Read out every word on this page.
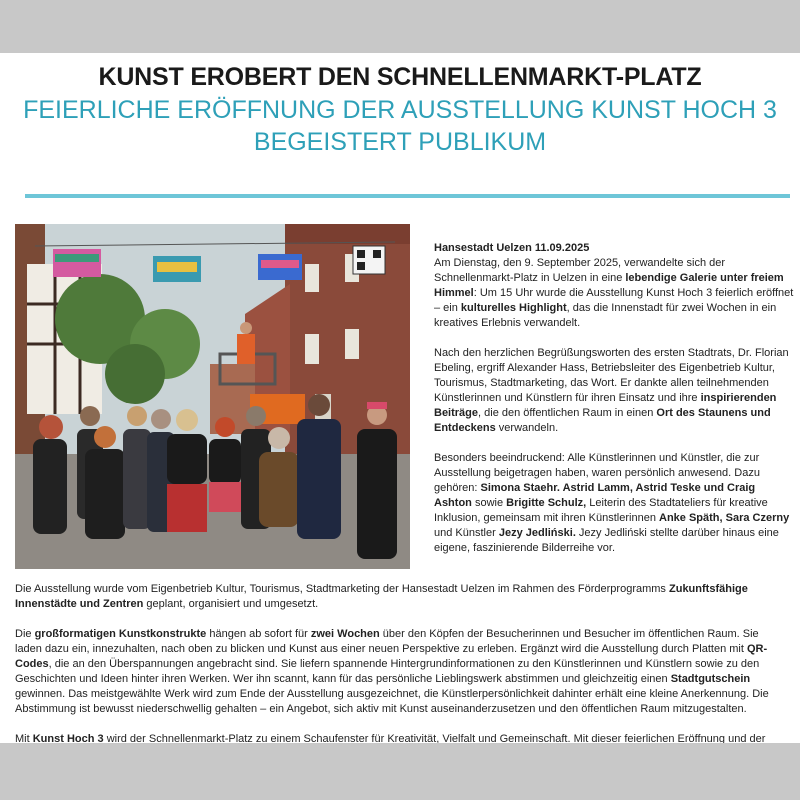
KUNST EROBERT DEN SCHNELLENMARKT-PLATZ
FEIERLICHE ERÖFFNUNG DER AUSSTELLUNG KUNST HOCH 3 BEGEISTERT PUBLIKUM

Hansestadt Uelzen 11.09.2025

Am Dienstag, den 9. September 2025, verwandelte sich der Schnellenmarkt-Platz in Uelzen in eine lebendige Galerie unter freiem Himmel: Um 15 Uhr wurde die Ausstellung Kunst Hoch 3 feierlich eröffnet – ein kulturelles Highlight, das die Innenstadt für zwei Wochen in ein kreatives Erlebnis verwandelt.

Nach den herzlichen Begrüßungsworten des ersten Stadtrats, Dr. Florian Ebeling, ergriff Alexander Hass, Betriebsleiter des Eigenbetrieb Kultur, Tourismus, Stadtmarketing, das Wort. Er dankte allen teilnehmenden Künstlerinnen und Künstlern für ihren Einsatz und ihre inspirierenden Beiträge, die den öffentlichen Raum in einen Ort des Staunens und Entdeckens verwandeln.

Besonders beeindruckend: Alle Künstlerinnen und Künstler, die zur Ausstellung beigetragen haben, waren persönlich anwesend. Dazu gehören: Simona Staehr. Astrid Lamm, Astrid Teske und Craig Ashton sowie Brigitte Schulz, Leiterin des Stadtateliers für kreative Inklusion, gemeinsam mit ihren Künstlerinnen Anke Späth, Sara Czerny und Künstler Jezy Jedliński. Jezy Jedliński stellte darüber hinaus eine eigene, faszinierende Bilderreihe vor.

Die Ausstellung wurde vom Eigenbetrieb Kultur, Tourismus, Stadtmarketing der Hansestadt Uelzen im Rahmen des Förderprogramms Zukunftsfähige Innenstädte und Zentren geplant, organisiert und umgesetzt.

Die großformatigen Kunstkonstrukte hängen ab sofort für zwei Wochen über den Köpfen der Besucherinnen und Besucher im öffentlichen Raum. Sie laden dazu ein, innezuhalten, nach oben zu blicken und Kunst aus einer neuen Perspektive zu erleben. Ergänzt wird die Ausstellung durch Platten mit QR-Codes, die an den Überspannungen angebracht sind. Sie liefern spannende Hintergrundinformationen zu den Künstlerinnen und Künstlern sowie zu den Geschichten und Ideen hinter ihren Werken. Wer ihn scannt, kann für das persönliche Lieblingswerk abstimmen und gleichzeitig einen Stadtgutschein gewinnen. Das meistgewählte Werk wird zum Ende der Ausstellung ausgezeichnet, die Künstlerpersönlichkeit dahinter erhält eine kleine Anerkennung. Die Abstimmung ist bewusst niederschwellig gehalten – ein Angebot, sich aktiv mit Kunst auseinanderzusetzen und den öffentlichen Raum mitzugestalten.

Mit Kunst Hoch 3 wird der Schnellenmarkt-Platz zu einem Schaufenster für Kreativität, Vielfalt und Gemeinschaft. Mit dieser feierlichen Eröffnung und der
